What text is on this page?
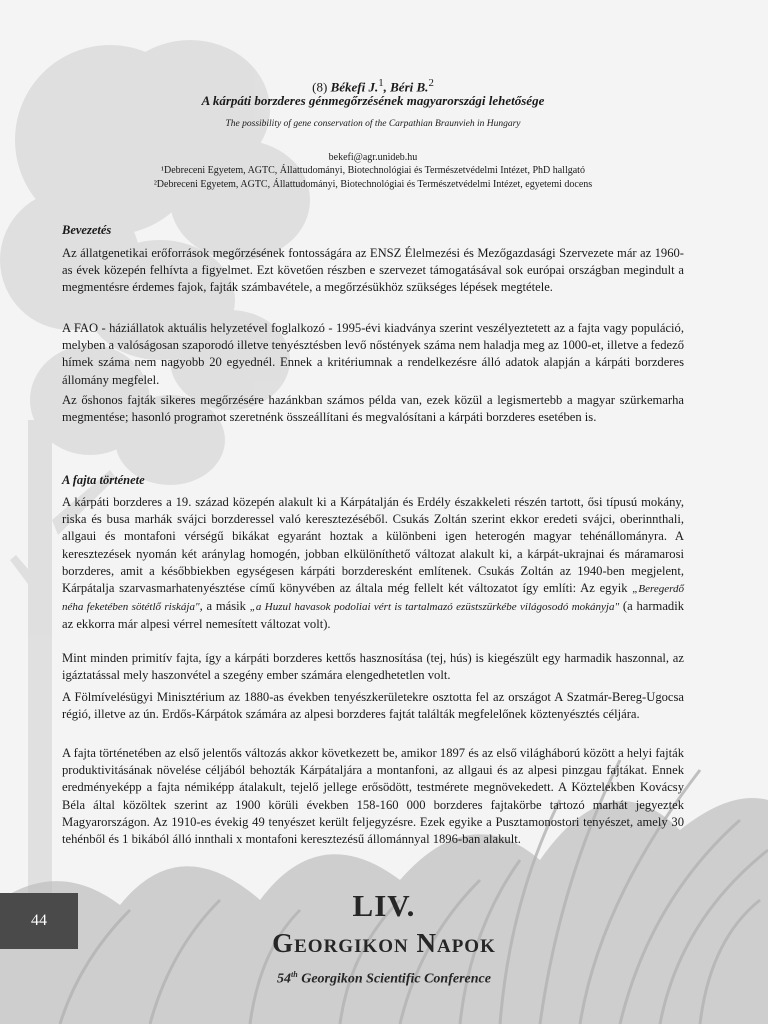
(8) Békefi J.$^1$, Béri B.$^2$
A kárpáti borzderes génmegőrzésének magyarországi lehetősége
The possibility of gene conservation of the Carpathian Braunvieh in Hungary
bekefi@agr.unideb.hu
¹Debreceni Egyetem, AGTC, Állattudományi, Biotechnológiai és Természetvédelmi Intézet, PhD hallgató
²Debreceni Egyetem, AGTC, Állattudományi, Biotechnológiai és Természetvédelmi Intézet, egyetemi docens
Bevezetés

Az állatgenetikai erőforrások megőrzésének fontosságára az ENSZ Élelmezési és Mezőgazdasági Szervezete már az 1960-as évek közepén felhívta a figyelmet. Ezt követően részben e szervezet támogatásával sok európai országban megindult a megmentésre érdemes fajok, fajták számbavétele, a megőrzésükhöz szükséges lépések megtétele.

A FAO - háziállatok aktuális helyzetével foglalkozó - 1995-évi kiadványa szerint veszélyeztetett az a fajta vagy populáció, melyben a valóságosan szaporodó illetve tenyésztésben levő nőstények száma nem haladja meg az 1000-et, illetve a fedező hímek száma nem nagyobb 20 egyednél. Ennek a kritériumnak a rendelkezésre álló adatok alapján a kárpáti borzderes állomány megfelel.

Az őshonos fajták sikeres megőrzésére hazánkban számos példa van, ezek közül a legismertebb a magyar szürkemarha megmentése; hasonló programot szeretnénk összeállítani és megvalósítani a kárpáti borzderes esetében is.

A fajta története

A kárpáti borzderes a 19. század közepén alakult ki a Kárpátalján és Erdély északkeleti részén tartott, ősi típusú mokány, riska és busa marhák svájci borzderessel való keresztezéséből. Csukás Zoltán szerint ekkor eredeti svájci, oberinnthali, allgaui és montafoni vérségű bikákat egyaránt hoztak a különbeni igen heterogén magyar tehénállományra. A keresztezések nyomán két aránylag homogén, jobban elkülöníthető változat alakult ki, a kárpát-ukrajnai és máramarosi borzderes, amit a későbbiekben egységesen kárpáti borzderesként említenek. Csukás Zoltán az 1940-ben megjelent, Kárpátalja szarvasmarhatenyésztése című könyvében az általa még fellelt két változatot így említi: Az egyik „Beregerdő néha feketében sötétlő riskája", a másik „a Huzul havasok podoliai vért is tartalmazó ezüstszürkébe világosodó mokányja" (a harmadik az ekkorra már alpesi vérrel nemesített változat volt).

Mint minden primitív fajta, így a kárpáti borzderes kettős hasznosítása (tej, hús) is kiegészült egy harmadik haszonnal, az igáztatással mely haszonvétel a szegény ember számára elengedhetetlen volt.

A Fölmívelésügyi Minisztérium az 1880-as években tenyészkerületekre osztotta fel az országot A Szatmár-Bereg-Ugocsa régió, illetve az ún. Erdős-Kárpátok számára az alpesi borzderes fajtát találták megfelelőnek köztenyésztés céljára.

A fajta történetében az első jelentős változás akkor következett be, amikor 1897 és az első világháború között a helyi fajták produktivitásának növelése céljából behozták Kárpátaljára a montanfoni, az allgaui és az alpesi pinzgau fajtákat. Ennek eredményeképp a fajta némiképp átalakult, tejelő jellege erősödött, testmérete megnövekedett. A Köztelekben Kovácsy Béla által közöltek szerint az 1900 körüli években 158-160 000 borzderes fajtakörbe tartozó marhát jegyeztek Magyarországon. Az 1910-es évekig 49 tenyészet került feljegyzésre. Ezek egyike a Pusztamonostori tenyészet, amely 30 tehénből és 1 bikából álló innthali x montafoni keresztezésű állománnyal 1896-ban alakult.

44	LIV.
Georgikon Napok
54th Georgikon Scientific Conference
